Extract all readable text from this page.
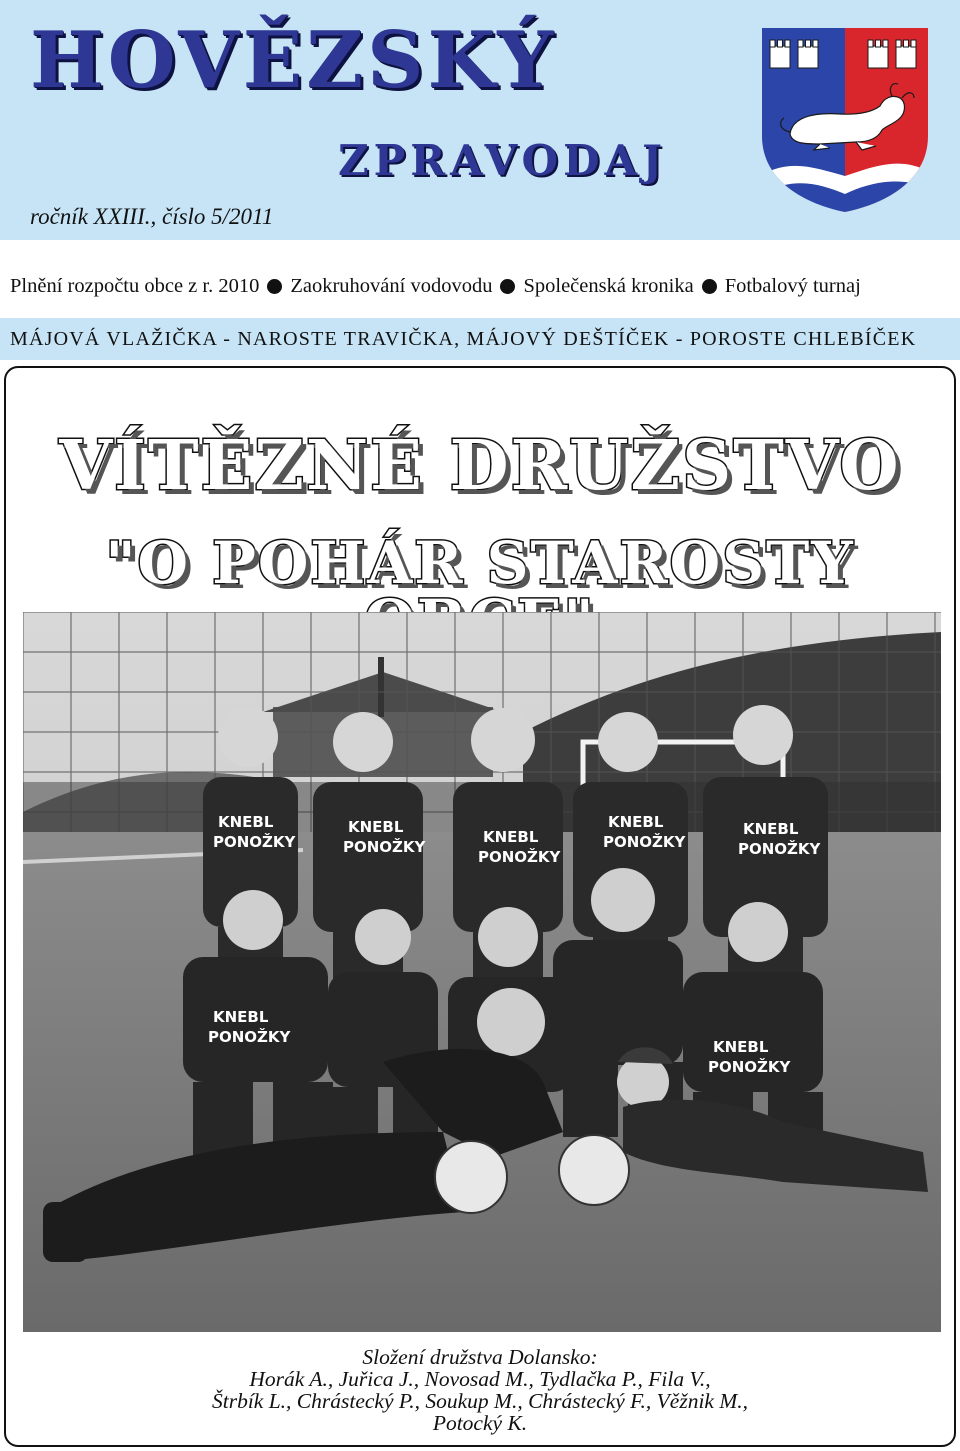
HOVĚZSKÝ
ZPRAVODAJ
ročník XXIII., číslo 5/2011
Plnění rozpočtu obce z r. 2010 Zaokruhování vodovodu Společenská kronika Fotbalový turnaj
MÁJOVÁ VLAŽIČKA - NAROSTE TRAVIČKA, MÁJOVÝ DEŠTÍČEK - POROSTE CHLEBÍČEK
VÍTĚZNÉ DRUŽSTVO
"O POHÁR STAROSTY
KNEBL
PONOŽKY
KNEBL
PONOŽKY
KNEBL
PONOŽKY
KNEBL
PONOŽKY
KNEBL
PONOŽKY
KNEBL
PONOŽKY
KNEBL
PONOŽKY
Složení družstva Dolansko:
Horák A., Juřica J., Novosad M., Tydlačka P., Fila V.,
Štrbík L., Chrástecký P., Soukup M., Chrástecký F., Věžnik M.,
Potocký K.
